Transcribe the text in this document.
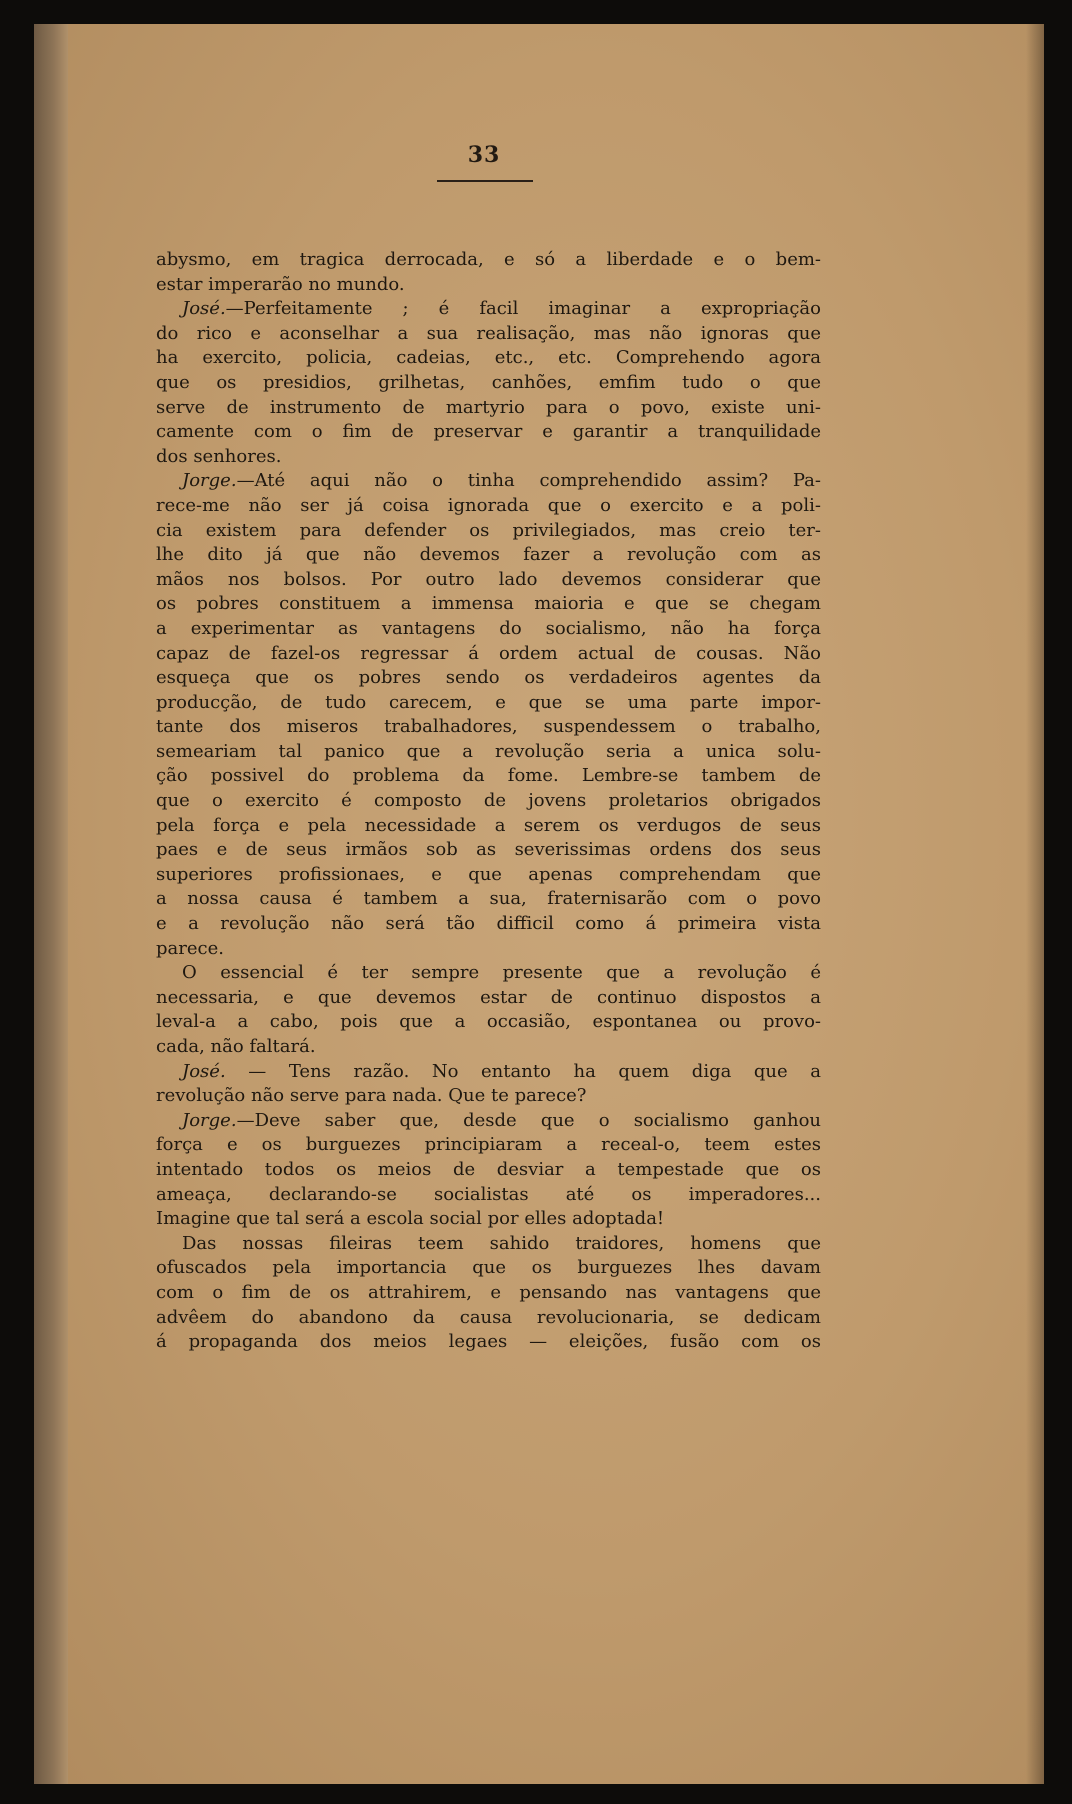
33

abysmo, em tragica derrocada, e só a liberdade e o bem-

estar imperarão no mundo.

José.—Perfeitamente ; é facil imaginar a expropriação

do rico e aconselhar a sua realisação, mas não ignoras que

ha exercito, policia, cadeias, etc., etc. Comprehendo agora

que os presidios, grilhetas, canhões, emfim tudo o que

serve de instrumento de martyrio para o povo, existe uni-

camente com o fim de preservar e garantir a tranquilidade

dos senhores.

Jorge.—Até aqui não o tinha comprehendido assim? Pa-

rece-me não ser já coisa ignorada que o exercito e a poli-

cia existem para defender os privilegiados, mas creio ter-

lhe dito já que não devemos fazer a revolução com as

mãos nos bolsos. Por outro lado devemos considerar que

os pobres constituem a immensa maioria e que se chegam

a experimentar as vantagens do socialismo, não ha força

capaz de fazel-os regressar á ordem actual de cousas. Não

esqueça que os pobres sendo os verdadeiros agentes da

producção, de tudo carecem, e que se uma parte impor-

tante dos miseros trabalhadores, suspendessem o trabalho,

semeariam tal panico que a revolução seria a unica solu-

ção possivel do problema da fome. Lembre-se tambem de

que o exercito é composto de jovens proletarios obrigados

pela força e pela necessidade a serem os verdugos de seus

paes e de seus irmãos sob as severissimas ordens dos seus

superiores profissionaes, e que apenas comprehendam que

a nossa causa é tambem a sua, fraternisarão com o povo

e a revolução não será tão difficil como á primeira vista

parece.

O essencial é ter sempre presente que a revolução é

necessaria, e que devemos estar de continuo dispostos a

leval-a a cabo, pois que a occasião, espontanea ou provo-

cada, não faltará.

José. — Tens razão. No entanto ha quem diga que a

revolução não serve para nada. Que te parece?

Jorge.—Deve saber que, desde que o socialismo ganhou

força e os burguezes principiaram a receal-o, teem estes

intentado todos os meios de desviar a tempestade que os

ameaça, declarando-se socialistas até os imperadores...

Imagine que tal será a escola social por elles adoptada!

Das nossas fileiras teem sahido traidores, homens que

ofuscados pela importancia que os burguezes lhes davam

com o fim de os attrahirem, e pensando nas vantagens que

advêem do abandono da causa revolucionaria, se dedicam

á propaganda dos meios legaes — eleições, fusão com os
